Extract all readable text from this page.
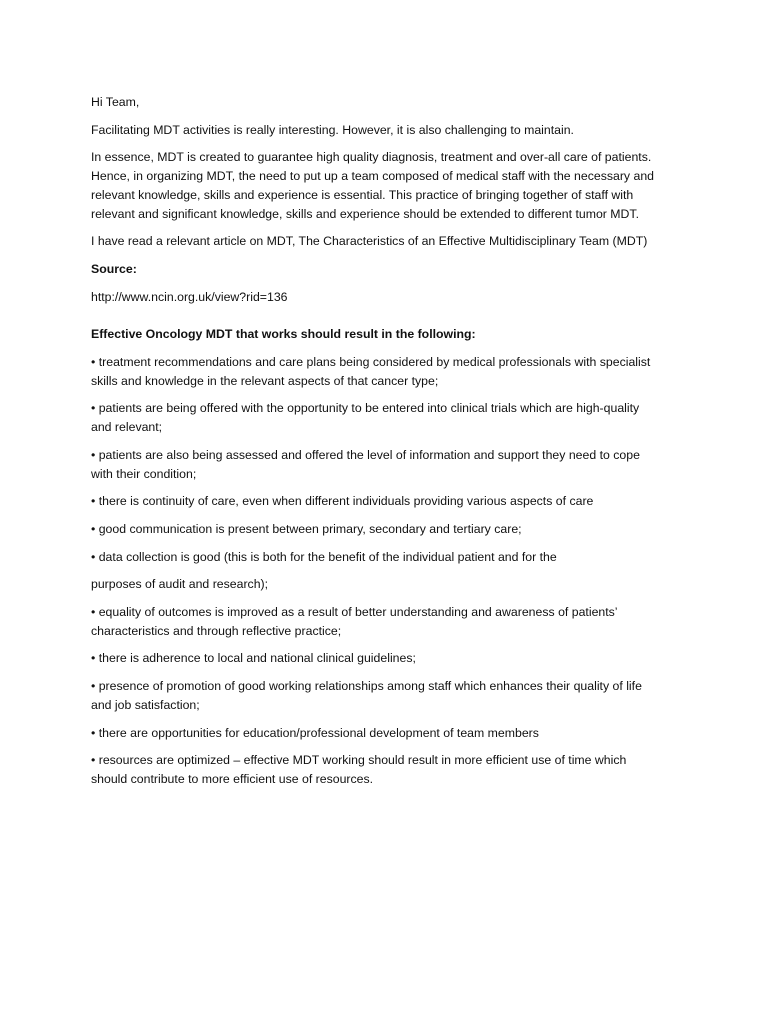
Hi Team,

Facilitating MDT activities is really interesting. However, it is also challenging to maintain.

In essence, MDT is created to guarantee high quality diagnosis, treatment and over-all care of patients.
Hence, in organizing MDT, the need to put up a team composed of medical staff with the necessary and
relevant knowledge, skills and experience is essential. This practice of bringing together of staff with
relevant and significant knowledge, skills and experience should be extended to different tumor MDT.

I have read a relevant article on MDT, The Characteristics of an Effective Multidisciplinary Team (MDT)

Source:

http://www.ncin.org.uk/view?rid=136

Effective Oncology MDT that works should result in the following:

• treatment recommendations and care plans being considered by medical professionals with specialist
skills and knowledge in the relevant aspects of that cancer type;

• patients are being offered with the opportunity to be entered into clinical trials which are high-quality
and relevant;

• patients are also being assessed and offered the level of information and support they need to cope
with their condition;

• there is continuity of care, even when different individuals providing various aspects of care

• good communication is present between primary, secondary and tertiary care;

• data collection is good (this is both for the benefit of the individual patient and for the

purposes of audit and research);

• equality of outcomes is improved as a result of better understanding and awareness of patients’
characteristics and through reflective practice;

• there is adherence to local and national clinical guidelines;

• presence of promotion of good working relationships among staff which enhances their quality of life
and job satisfaction;

• there are opportunities for education/professional development of team members

• resources are optimized – effective MDT working should result in more efficient use of time which
should contribute to more efficient use of resources.
